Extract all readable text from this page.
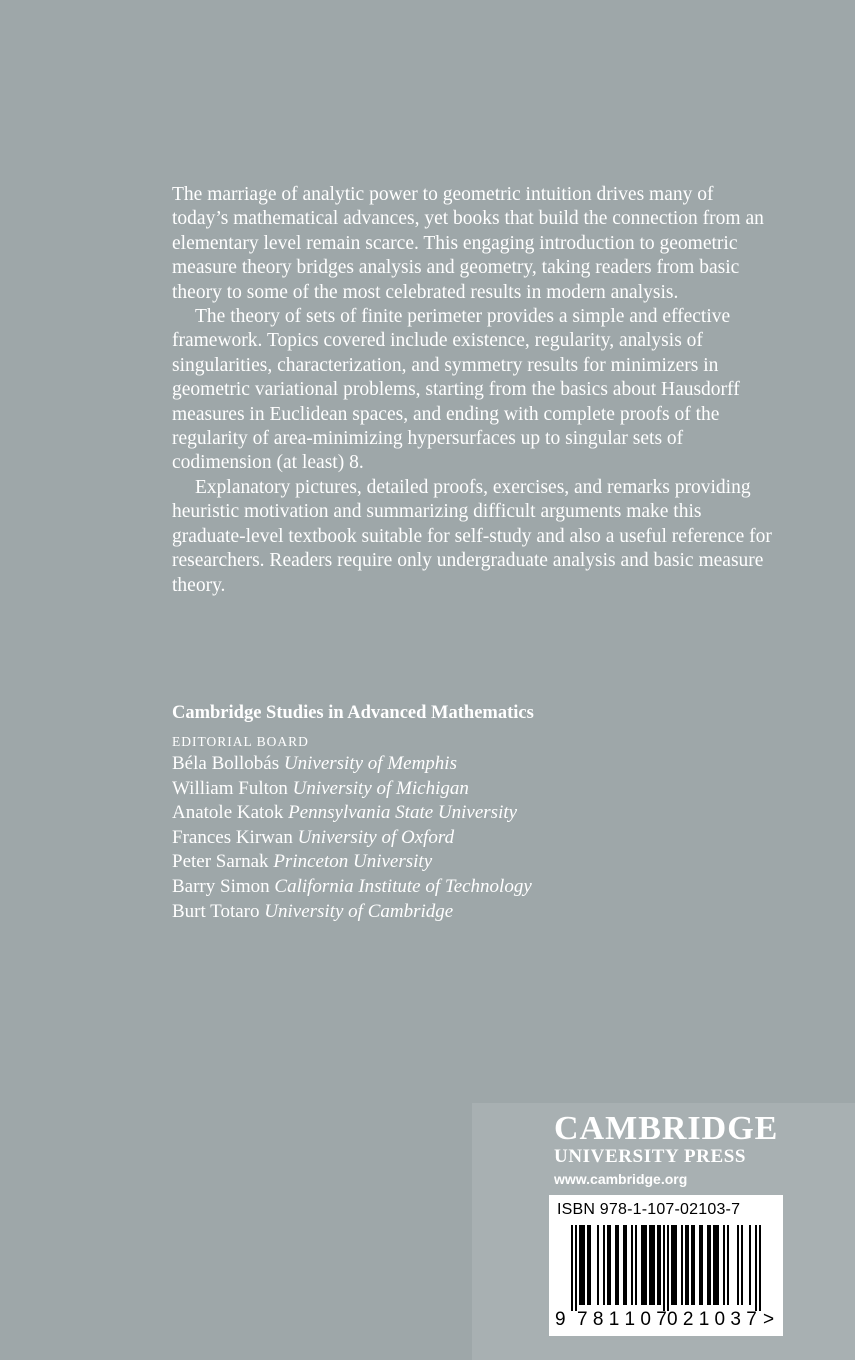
The marriage of analytic power to geometric intuition drives many of today’s mathematical advances, yet books that build the connection from an elementary level remain scarce. This engaging introduction to geometric measure theory bridges analysis and geometry, taking readers from basic theory to some of the most celebrated results in modern analysis.

The theory of sets of finite perimeter provides a simple and effective framework. Topics covered include existence, regularity, analysis of singularities, characterization, and symmetry results for minimizers in geometric variational problems, starting from the basics about Hausdorff measures in Euclidean spaces, and ending with complete proofs of the regularity of area-minimizing hypersurfaces up to singular sets of codimension (at least) 8.

Explanatory pictures, detailed proofs, exercises, and remarks providing heuristic motivation and summarizing difficult arguments make this graduate-level textbook suitable for self-study and also a useful reference for researchers. Readers require only undergraduate analysis and basic measure theory.

Cambridge Studies in Advanced Mathematics
EDITORIAL BOARD
Béla Bollobás University of Memphis
William Fulton University of Michigan
Anatole Katok Pennsylvania State University
Frances Kirwan University of Oxford
Peter Sarnak Princeton University
Barry Simon California Institute of Technology
Burt Totaro University of Cambridge
CAMBRIDGE
UNIVERSITY PRESS
www.cambridge.org
ISBN 978-1-107-02103-7
9 7 8 1 1 0 7 0 2 1 0 3 7 >
